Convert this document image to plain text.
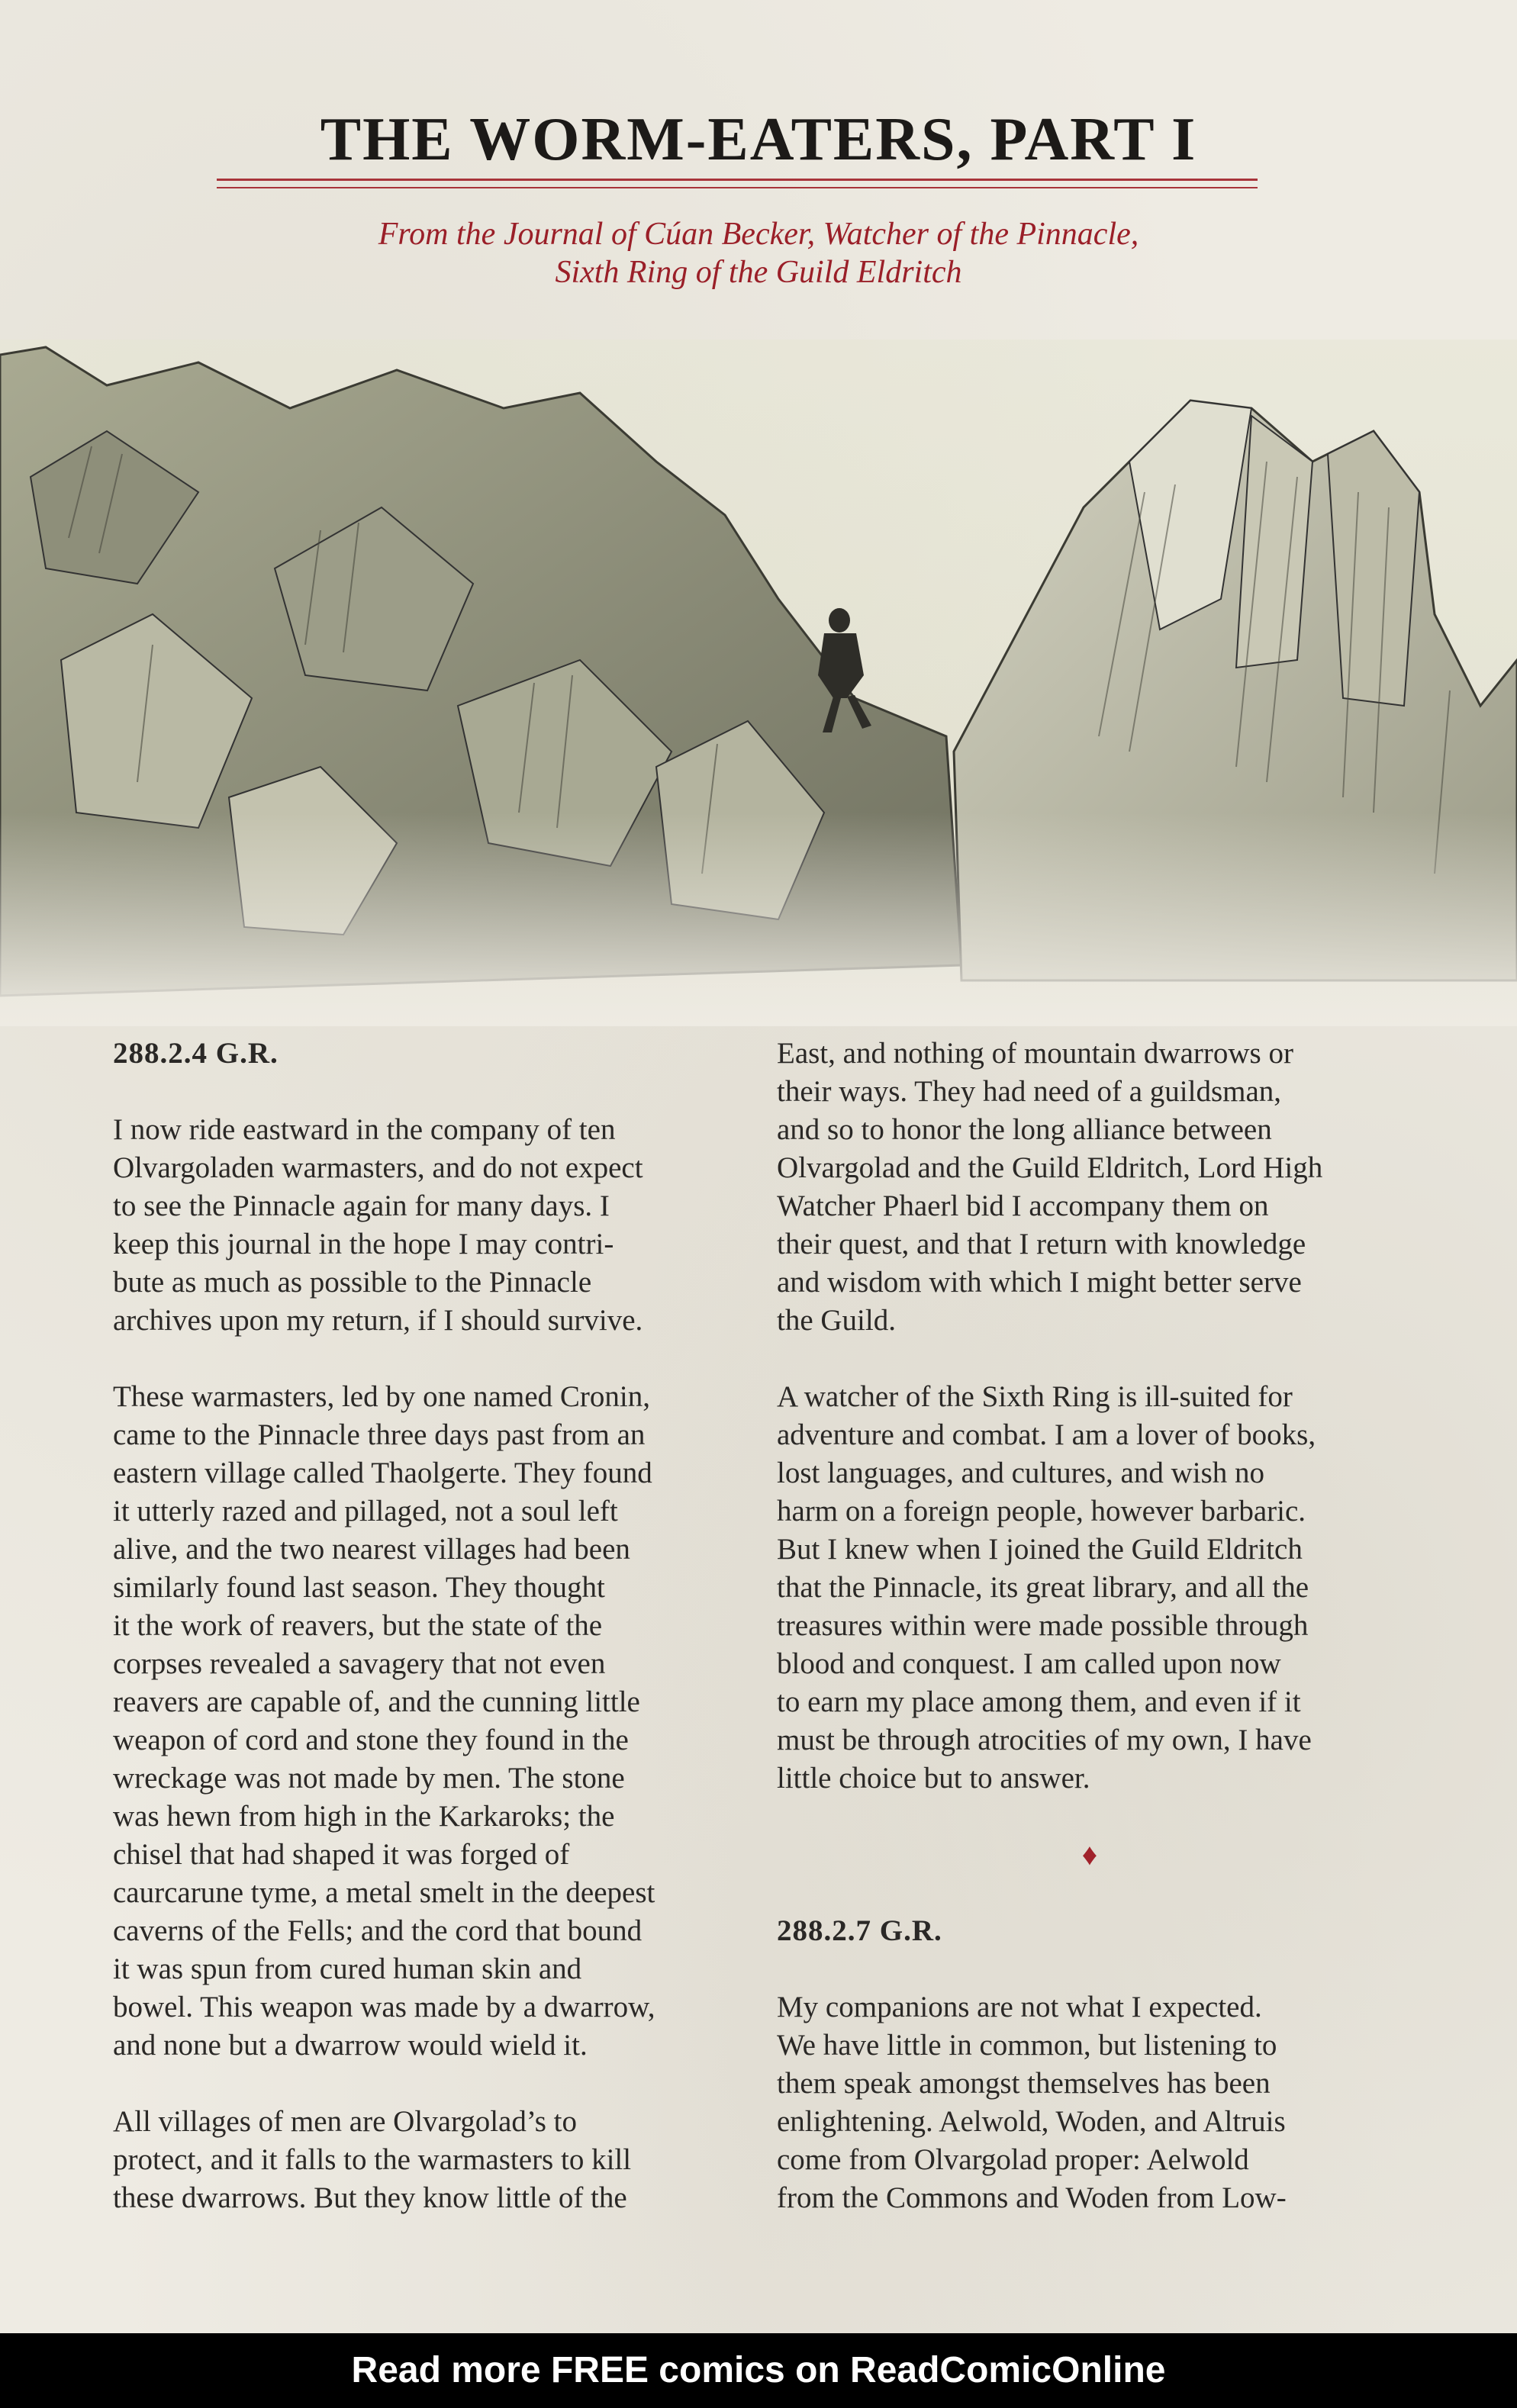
THE WORM-EATERS, PART I
From the Journal of Cúan Becker, Watcher of the Pinnacle,
Sixth Ring of the Guild Eldritch
288.2.4 G.R.
I now ride eastward in the company of ten
Olvargoladen warmasters, and do not expect
to see the Pinnacle again for many days. I
keep this journal in the hope I may contri-
bute as much as possible to the Pinnacle
archives upon my return, if I should survive.
These warmasters, led by one named Cronin,
came to the Pinnacle three days past from an
eastern village called Thaolgerte. They found
it utterly razed and pillaged, not a soul left
alive, and the two nearest villages had been
similarly found last season. They thought
it the work of reavers, but the state of the
corpses revealed a savagery that not even
reavers are capable of, and the cunning little
weapon of cord and stone they found in the
wreckage was not made by men. The stone
was hewn from high in the Karkaroks; the
chisel that had shaped it was forged of
caurcarune tyme, a metal smelt in the deepest
caverns of the Fells; and the cord that bound
it was spun from cured human skin and
bowel. This weapon was made by a dwarrow,
and none but a dwarrow would wield it.
All villages of men are Olvargolad’s to
protect, and it falls to the warmasters to kill
these dwarrows. But they know little of the
East, and nothing of mountain dwarrows or
their ways. They had need of a guildsman,
and so to honor the long alliance between
Olvargolad and the Guild Eldritch, Lord High
Watcher Phaerl bid I accompany them on
their quest, and that I return with knowledge
and wisdom with which I might better serve
the Guild.
A watcher of the Sixth Ring is ill-suited for
adventure and combat. I am a lover of books,
lost languages, and cultures, and wish no
harm on a foreign people, however barbaric.
But I knew when I joined the Guild Eldritch
that the Pinnacle, its great library, and all the
treasures within were made possible through
blood and conquest. I am called upon now
to earn my place among them, and even if it
must be through atrocities of my own, I have
little choice but to answer.
♦
288.2.7 G.R.
My companions are not what I expected.
We have little in common, but listening to
them speak amongst themselves has been
enlightening. Aelwold, Woden, and Altruis
come from Olvargolad proper: Aelwold
from the Commons and Woden from Low-
Read more FREE comics on ReadComicOnline
